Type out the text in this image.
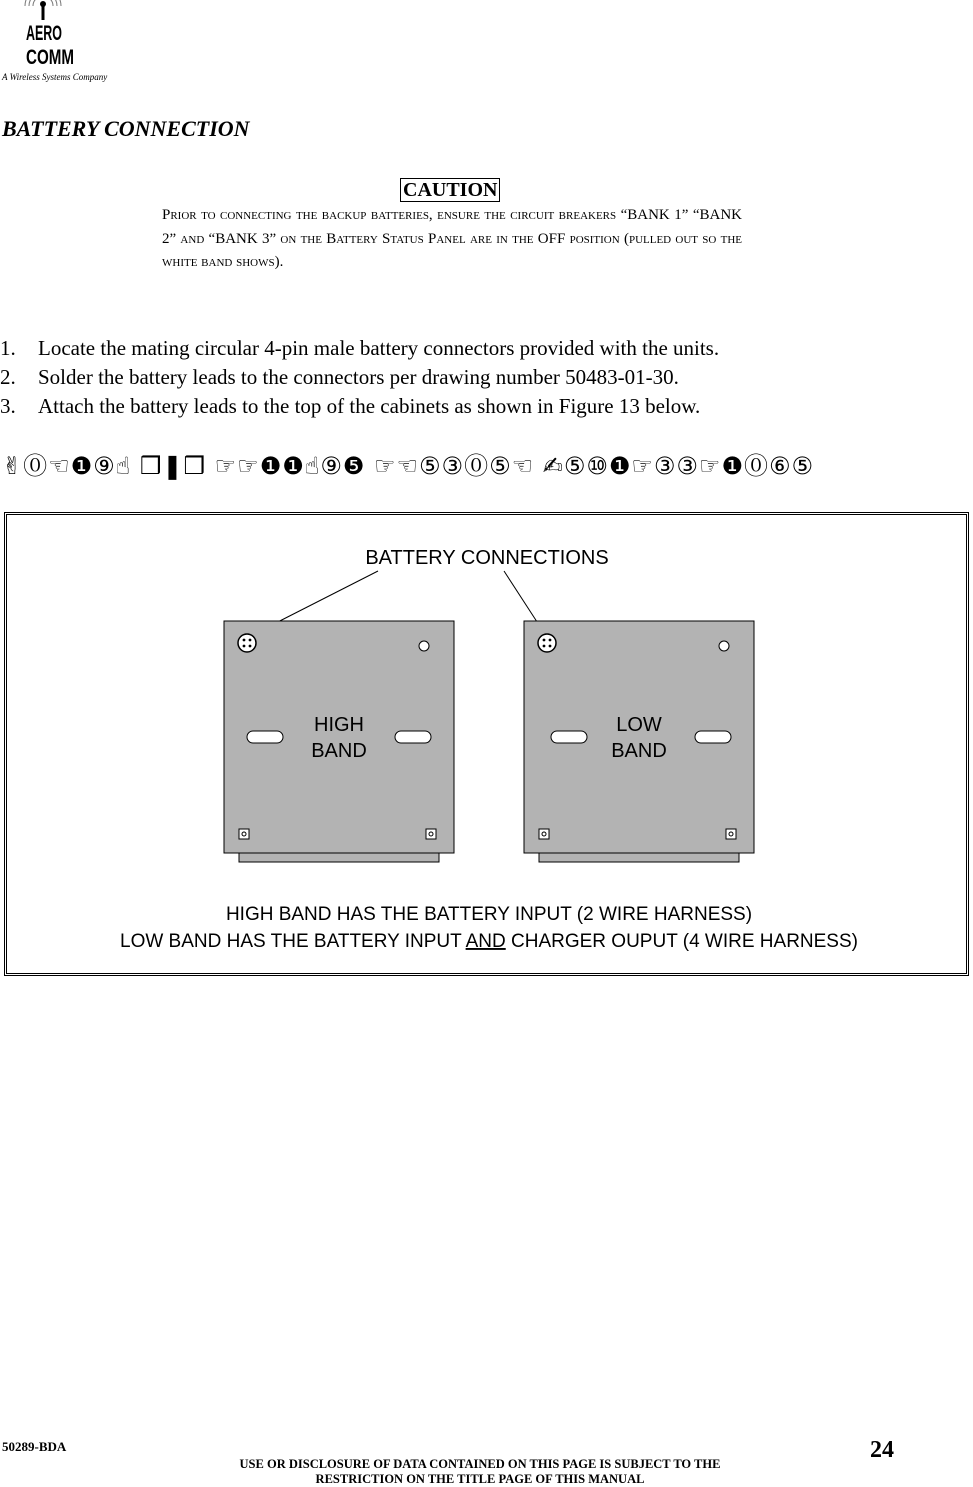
AERO
COMM
A Wireless Systems Company
BATTERY CONNECTION
CAUTION
Prior to connecting the backup batteries, ensure the circuit breakers “BANK 1” “BANK 2” and “BANK 3” on the Battery Status Panel are in the OFF position (pulled out so the white band shows).
1.	Locate the mating circular 4-pin male battery connectors provided with the units.
2.	Solder the battery leads to the connectors per drawing number 50483-01-30.
3.	Attach the battery leads to the top of the cabinets as shown in Figure 13 below.
✌⓪☜❶⑨☝ ❒❚❒ ☞☞❶❶☝⑨❺ ☞☜⑤③⓪⑤☜ ✍⑤⑩❶☞③③☞❶⓪⑥⑤
BATTERY CONNECTIONS
HIGH
BAND
LOW
BAND
HIGH BAND HAS THE BATTERY INPUT (2 WIRE HARNESS)
LOW BAND HAS THE BATTERY INPUT AND CHARGER OUPUT (4 WIRE HARNESS)
50289-BDA	24
USE OR DISCLOSURE OF DATA CONTAINED ON THIS PAGE IS SUBJECT TO THE
RESTRICTION ON THE TITLE PAGE OF THIS MANUAL
